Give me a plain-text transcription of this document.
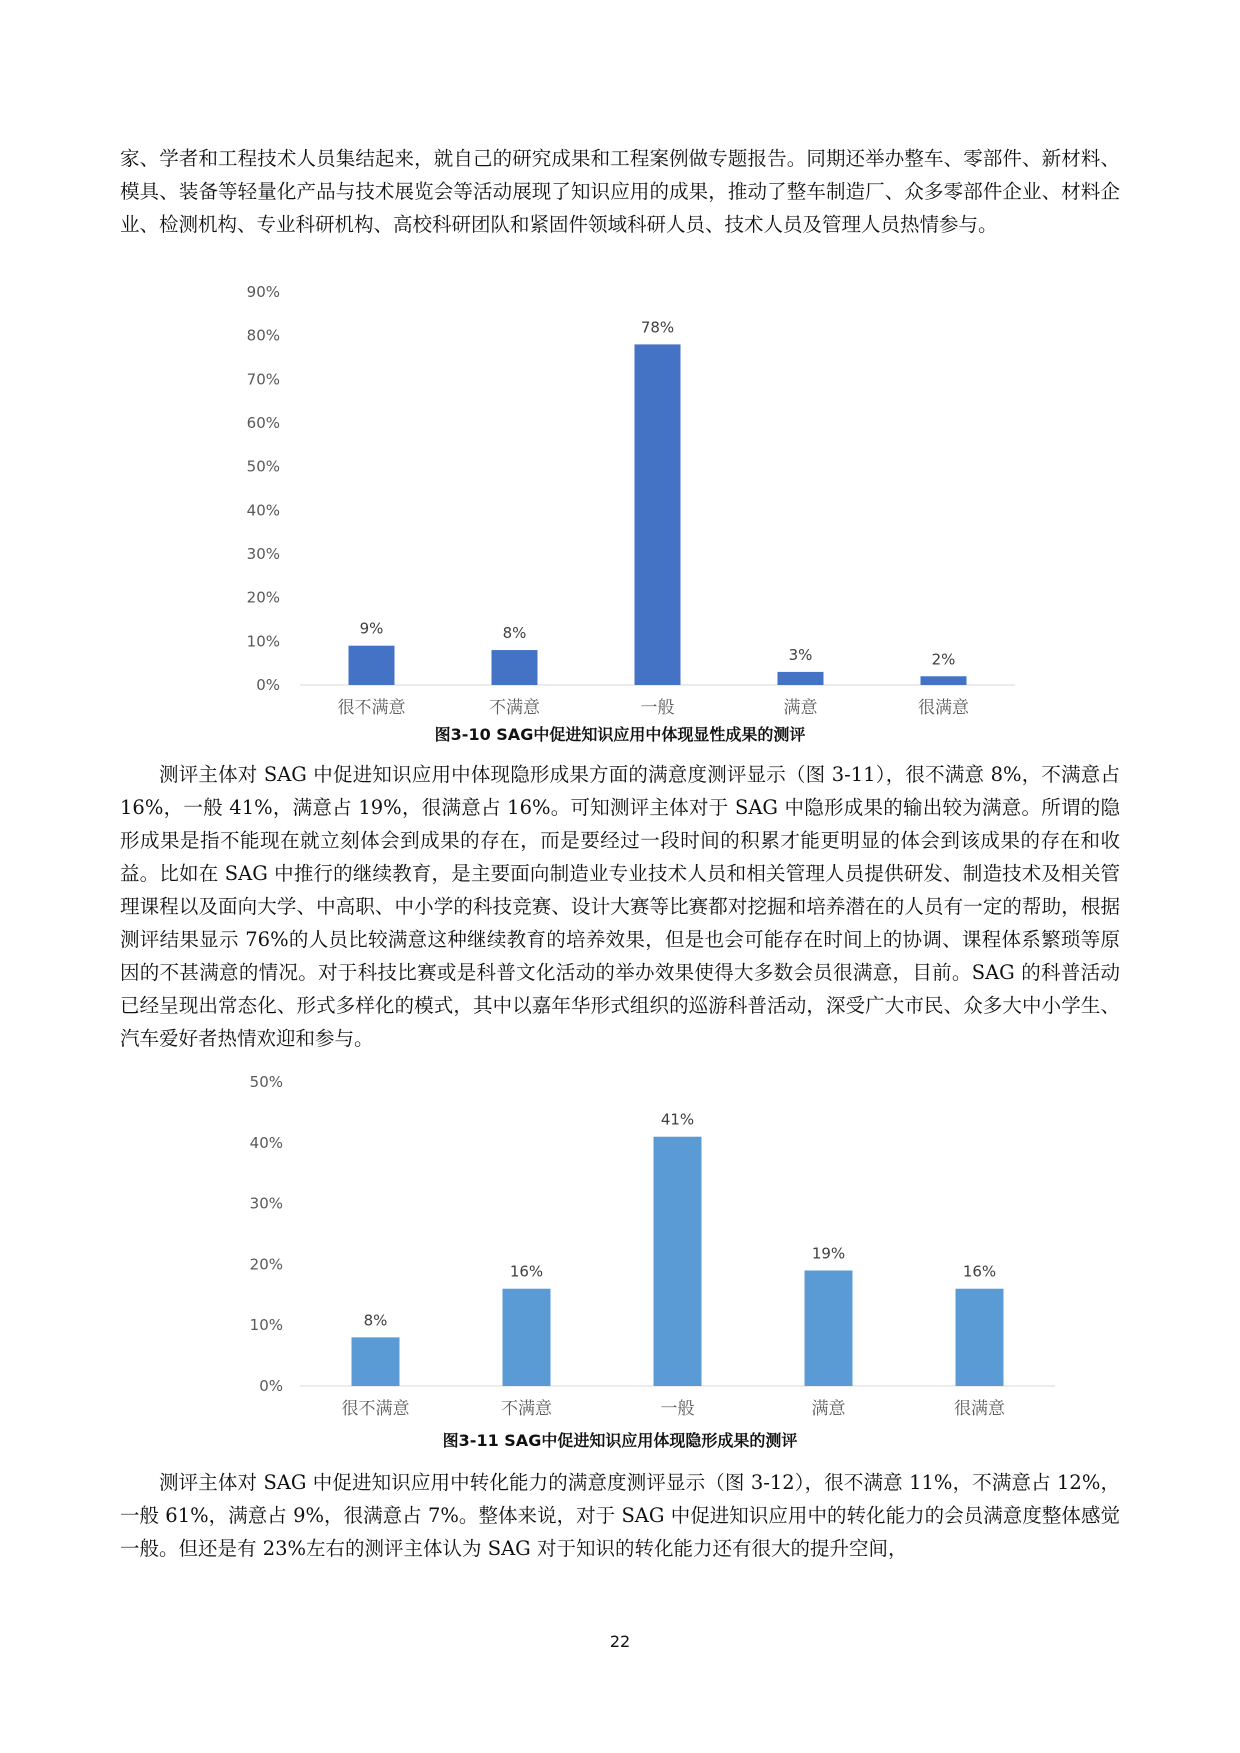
家、学者和工程技术人员集结起来，就自己的研究成果和工程案例做专题报告。同期还举办整车、零部件、新材料、模具、装备等轻量化产品与技术展览会等活动展现了知识应用的成果，推动了整车制造厂、众多零部件企业、材料企业、检测机构、专业科研机构、高校科研团队和紧固件领域科研人员、技术人员及管理人员热情参与。

0%
10%
20%
30%
40%
50%
60%
70%
80%
90%
9%
很不满意
8%
不满意
78%
一般
3%
满意
2%
很满意
图3-10 SAG中促进知识应用中体现显性成果的测评

测评主体对 SAG 中促进知识应用中体现隐形成果方面的满意度测评显示（图 3-11），很不满意 8%，不满意占 16%，一般 41%，满意占 19%，很满意占 16%。可知测评主体对于 SAG 中隐形成果的输出较为满意。所谓的隐形成果是指不能现在就立刻体会到成果的存在，而是要经过一段时间的积累才能更明显的体会到该成果的存在和收益。比如在 SAG 中推行的继续教育，是主要面向制造业专业技术人员和相关管理人员提供研发、制造技术及相关管理课程以及面向大学、中高职、中小学的科技竞赛、设计大赛等比赛都对挖掘和培养潜在的人员有一定的帮助，根据测评结果显示 76%的人员比较满意这种继续教育的培养效果，但是也会可能存在时间上的协调、课程体系繁琐等原因的不甚满意的情况。对于科技比赛或是科普文化活动的举办效果使得大多数会员很满意，目前。SAG 的科普活动已经呈现出常态化、形式多样化的模式，其中以嘉年华形式组织的巡游科普活动，深受广大市民、众多大中小学生、汽车爱好者热情欢迎和参与。

0%
10%
20%
30%
40%
50%
8%
很不满意
16%
不满意
41%
一般
19%
满意
16%
很满意
图3-11 SAG中促进知识应用体现隐形成果的测评

测评主体对 SAG 中促进知识应用中转化能力的满意度测评显示（图 3-12），很不满意 11%，不满意占 12%，一般 61%，满意占 9%，很满意占 7%。整体来说，对于 SAG 中促进知识应用中的转化能力的会员满意度整体感觉一般。但还是有 23%左右的测评主体认为 SAG 对于知识的转化能力还有很大的提升空间，

22
